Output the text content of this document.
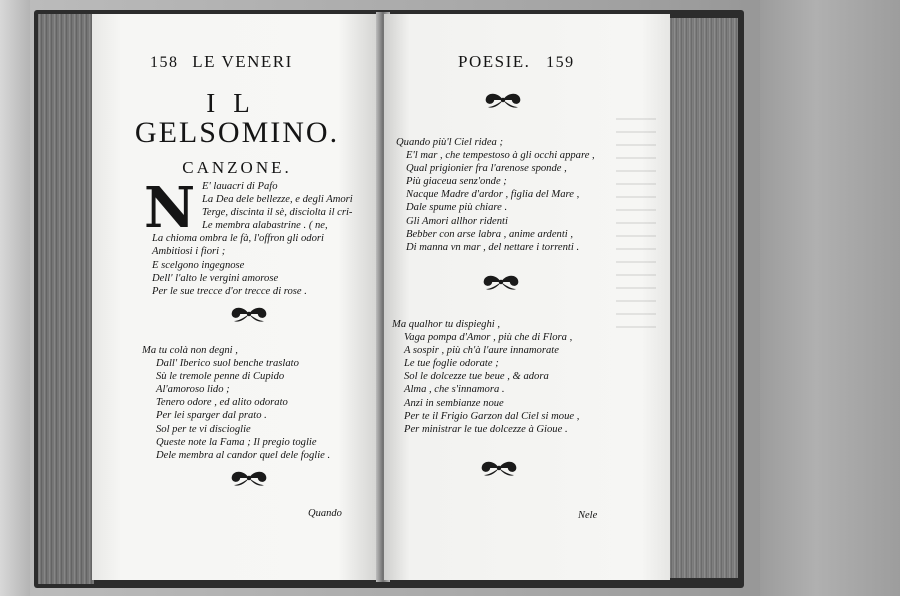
158 LE VENERI
IL
GELSOMINO.
CANZONE.
N E' lauacri di Pafo
La Dea dele bellezze, e degli Amori
Terge, discinta il sè, disciolta il cri-
Le membra alabastrine . ( ne,
La chioma ombra le fà, l'offron gli odori
Ambitiosi i fiori ;
E scelgono ingegnose
Dell' l'alto le vergini amorose
Per le sue trecce d'or trecce di rose .
Ma tu colà non degni ,
Dall' Iberico suol benche traslato
Sù le tremole penne di Cupido
Al'amoroso lido ;
Tenero odore , ed alito odorato
Per lei sparger dal prato .
Sol per te vi discioglie
Queste note la Fama ; Il pregio toglie
Dele membra al candor quel dele foglie .
Quando
POESIE. 159
Quando più'l Ciel ridea ;
E'l mar , che tempestoso à gli occhi appare ,
Qual prigionier fra l'arenose sponde ,
Più giaceua senz'onde ;
Nacque Madre d'ardor , figlia del Mare ,
Dale spume più chiare .
Gli Amori allhor ridenti
Bebber con arse labra , anime ardenti ,
Di manna vn mar , del nettare i torrenti .
Ma qualhor tu dispieghi ,
Vaga pompa d'Amor , più che di Flora ,
A sospir , più ch'à l'aure innamorate
Le tue foglie odorate ;
Sol le dolcezze tue beue , & adora
Alma , che s'innamora .
Anzi in sembianze noue
Per te il Frigio Garzon dal Ciel si moue ,
Per ministrar le tue dolcezze à Gioue .
Nele
